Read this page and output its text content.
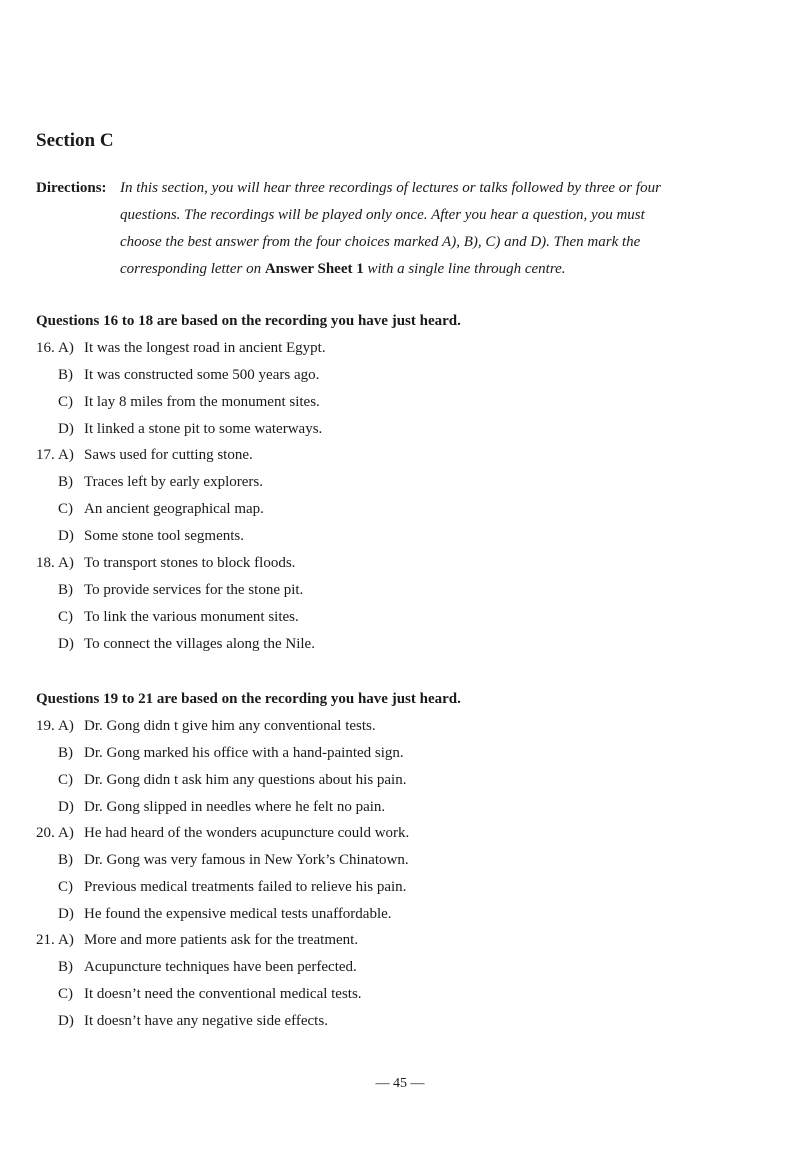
Section C
Directions: In this section, you will hear three recordings of lectures or talks followed by three or four
questions. The recordings will be played only once. After you hear a question, you must
choose the best answer from the four choices marked A), B), C) and D). Then mark the
corresponding letter on Answer Sheet 1 with a single line through centre.
Questions 16 to 18 are based on the recording you have just heard.
16. A) It was the longest road in ancient Egypt.
B) It was constructed some 500 years ago.
C) It lay 8 miles from the monument sites.
D) It linked a stone pit to some waterways.
17. A) Saws used for cutting stone.
B) Traces left by early explorers.
C) An ancient geographical map.
D) Some stone tool segments.
18. A) To transport stones to block floods.
B) To provide services for the stone pit.
C) To link the various monument sites.
D) To connect the villages along the Nile.
Questions 19 to 21 are based on the recording you have just heard.
19. A) Dr. Gong didn t give him any conventional tests.
B) Dr. Gong marked his office with a hand-painted sign.
C) Dr. Gong didn t ask him any questions about his pain.
D) Dr. Gong slipped in needles where he felt no pain.
20. A) He had heard of the wonders acupuncture could work.
B) Dr. Gong was very famous in New York’s Chinatown.
C) Previous medical treatments failed to relieve his pain.
D) He found the expensive medical tests unaffordable.
21. A) More and more patients ask for the treatment.
B) Acupuncture techniques have been perfected.
C) It doesn’t need the conventional medical tests.
D) It doesn’t have any negative side effects.
— 45 —
